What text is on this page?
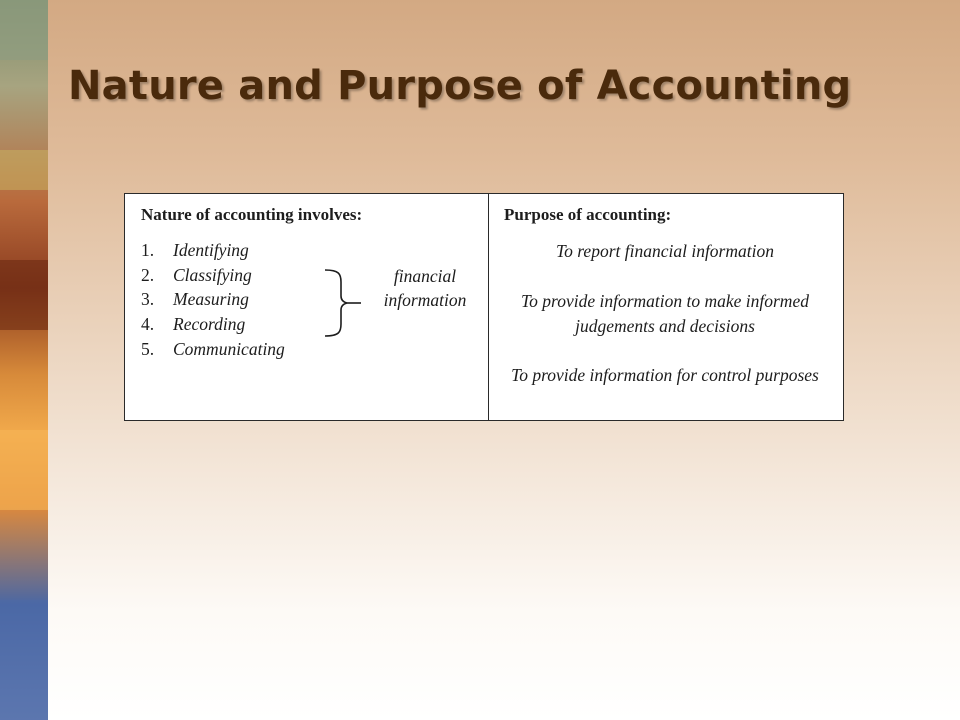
Nature and Purpose of Accounting
Nature of accounting involves:
1. Identifying
2. Classifying
3. Measuring
4. Recording
5. Communicating
financial
information
Purpose of accounting:
To report financial information
To provide information to make informed judgements and decisions
To provide information for control purposes
